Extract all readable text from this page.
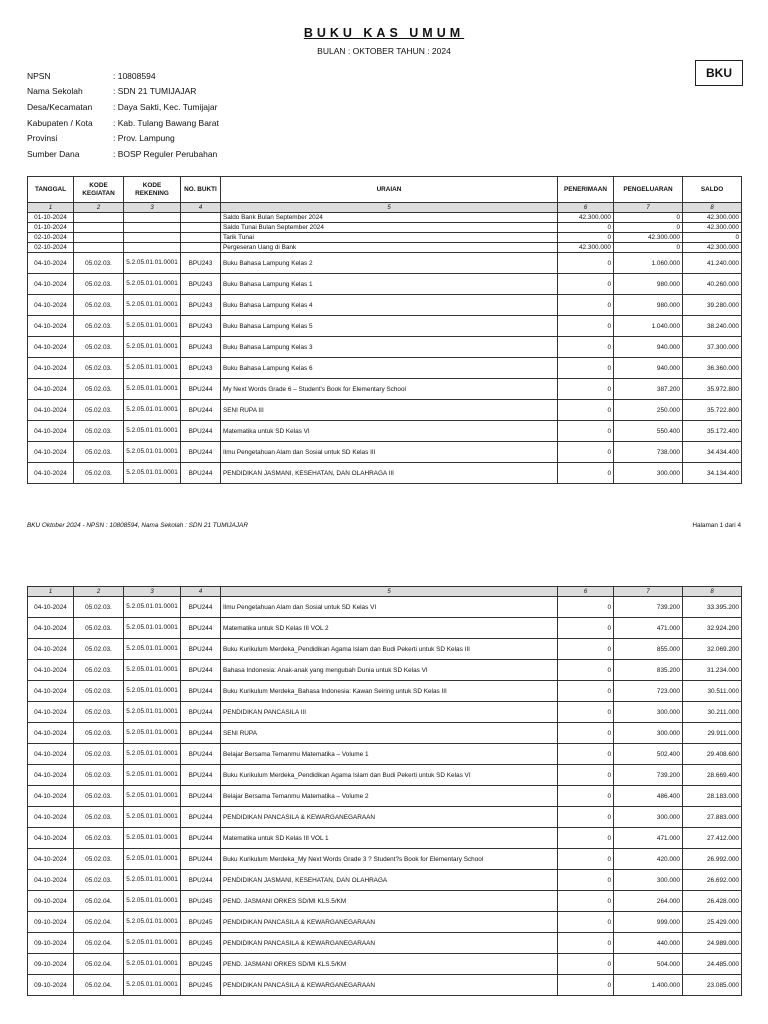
BUKU KAS UMUM
BULAN : OKTOBER TAHUN : 2024
BKU
NPSN	: 10808594
Nama Sekolah	: SDN 21 TUMIJAJAR
Desa/Kecamatan	: Daya Sakti, Kec. Tumijajar
Kabupaten / Kota	: Kab. Tulang Bawang Barat
Provinsi	: Prov. Lampung
Sumber Dana	: BOSP Reguler Perubahan
TANGGAL	KODE KEGIATAN	KODE REKENING	NO. BUKTI	URAIAN	PENERIMAAN	PENGELUARAN	SALDO
1	2	3	4	5	6	7	8
01-10-2024				Saldo Bank Bulan September 2024	42.300.000	0	42.300.000
01-10-2024				Saldo Tunai Bulan September 2024	0	0	42.300.000
02-10-2024				Tarik Tunai	0	42.300.000	0
02-10-2024				Pergeseran Uang di Bank	42.300.000	0	42.300.000
04-10-2024	05.02.03.	5.2.05.01.01.0001	BPU243	Buku Bahasa Lampung Kelas 2	0	1.060.000	41.240.000
04-10-2024	05.02.03.	5.2.05.01.01.0001	BPU243	Buku Bahasa Lampung Kelas 1	0	980.000	40.260.000
04-10-2024	05.02.03.	5.2.05.01.01.0001	BPU243	Buku Bahasa Lampung Kelas 4	0	980.000	39.280.000
04-10-2024	05.02.03.	5.2.05.01.01.0001	BPU243	Buku Bahasa Lampung Kelas 5	0	1.040.000	38.240.000
04-10-2024	05.02.03.	5.2.05.01.01.0001	BPU243	Buku Bahasa Lampung Kelas 3	0	940.000	37.300.000
04-10-2024	05.02.03.	5.2.05.01.01.0001	BPU243	Buku Bahasa Lampung Kelas 6	0	940.000	36.360.000
04-10-2024	05.02.03.	5.2.05.01.01.0001	BPU244	My Next Words Grade 6 – Student's Book for Elementary School	0	387.200	35.972.800
04-10-2024	05.02.03.	5.2.05.01.01.0001	BPU244	SENI RUPA III	0	250.000	35.722.800
04-10-2024	05.02.03.	5.2.05.01.01.0001	BPU244	Matematika untuk SD Kelas VI	0	550.400	35.172.400
04-10-2024	05.02.03.	5.2.05.01.01.0001	BPU244	Ilmu Pengetahuan Alam dan Sosial untuk SD Kelas III	0	738.000	34.434.400
04-10-2024	05.02.03.	5.2.05.01.01.0001	BPU244	PENDIDIKAN JASMANI, KESEHATAN, DAN OLAHRAGA III	0	300.000	34.134.400
BKU Oktober 2024 - NPSN : 10808594, Nama Sekolah : SDN 21 TUMIJAJAR	Halaman 1 dari 4
1	2	3	4	5	6	7	8
04-10-2024	05.02.03.	5.2.05.01.01.0001	BPU244	Ilmu Pengetahuan Alam dan Sosial untuk SD Kelas VI	0	739.200	33.395.200
04-10-2024	05.02.03.	5.2.05.01.01.0001	BPU244	Matematika untuk SD Kelas III VOL 2	0	471.000	32.924.200
04-10-2024	05.02.03.	5.2.05.01.01.0001	BPU244	Buku Kurikulum Merdeka_Pendidikan Agama Islam dan Budi Pekerti untuk SD Kelas III	0	855.000	32.069.200
04-10-2024	05.02.03.	5.2.05.01.01.0001	BPU244	Bahasa Indonesia: Anak-anak yang mengubah Dunia untuk SD Kelas VI	0	835.200	31.234.000
04-10-2024	05.02.03.	5.2.05.01.01.0001	BPU244	Buku Kurikulum Merdeka_Bahasa Indonesia: Kawan Seiring untuk SD Kelas III	0	723.000	30.511.000
04-10-2024	05.02.03.	5.2.05.01.01.0001	BPU244	PENDIDIKAN PANCASILA III	0	300.000	30.211.000
04-10-2024	05.02.03.	5.2.05.01.01.0001	BPU244	SENI RUPA	0	300.000	29.911.000
04-10-2024	05.02.03.	5.2.05.01.01.0001	BPU244	Belajar Bersama Temanmu Matematika – Volume 1	0	502.400	29.408.600
04-10-2024	05.02.03.	5.2.05.01.01.0001	BPU244	Buku Kurikulum Merdeka_Pendidikan Agama Islam dan Budi Pekerti untuk SD Kelas VI	0	739.200	28.669.400
04-10-2024	05.02.03.	5.2.05.01.01.0001	BPU244	Belajar Bersama Temanmu Matematika – Volume 2	0	486.400	28.183.000
04-10-2024	05.02.03.	5.2.05.01.01.0001	BPU244	PENDIDIKAN PANCASILA & KEWARGANEGARAAN	0	300.000	27.883.000
04-10-2024	05.02.03.	5.2.05.01.01.0001	BPU244	Matematika untuk SD Kelas III VOL 1	0	471.000	27.412.000
04-10-2024	05.02.03.	5.2.05.01.01.0001	BPU244	Buku Kurikulum Merdeka_My Next Words Grade 3 ? Student?s Book for Elementary School	0	420.000	26.992.000
04-10-2024	05.02.03.	5.2.05.01.01.0001	BPU244	PENDIDIKAN JASMANI, KESEHATAN, DAN OLAHRAGA	0	300.000	26.692.000
09-10-2024	05.02.04.	5.2.05.01.01.0001	BPU245	PEND. JASMANI ORKES SD/MI KLS.5/KM	0	264.000	26.428.000
09-10-2024	05.02.04.	5.2.05.01.01.0001	BPU245	PENDIDIKAN PANCASILA & KEWARGANEGARAAN	0	999.000	25.429.000
09-10-2024	05.02.04.	5.2.05.01.01.0001	BPU245	PENDIDIKAN PANCASILA & KEWARGANEGARAAN	0	440.000	24.989.000
09-10-2024	05.02.04.	5.2.05.01.01.0001	BPU245	PEND. JASMANI ORKES SD/MI KLS.5/KM	0	504.000	24.485.000
09-10-2024	05.02.04.	5.2.05.01.01.0001	BPU245	PENDIDIKAN PANCASILA & KEWARGANEGARAAN	0	1.400.000	23.085.000
